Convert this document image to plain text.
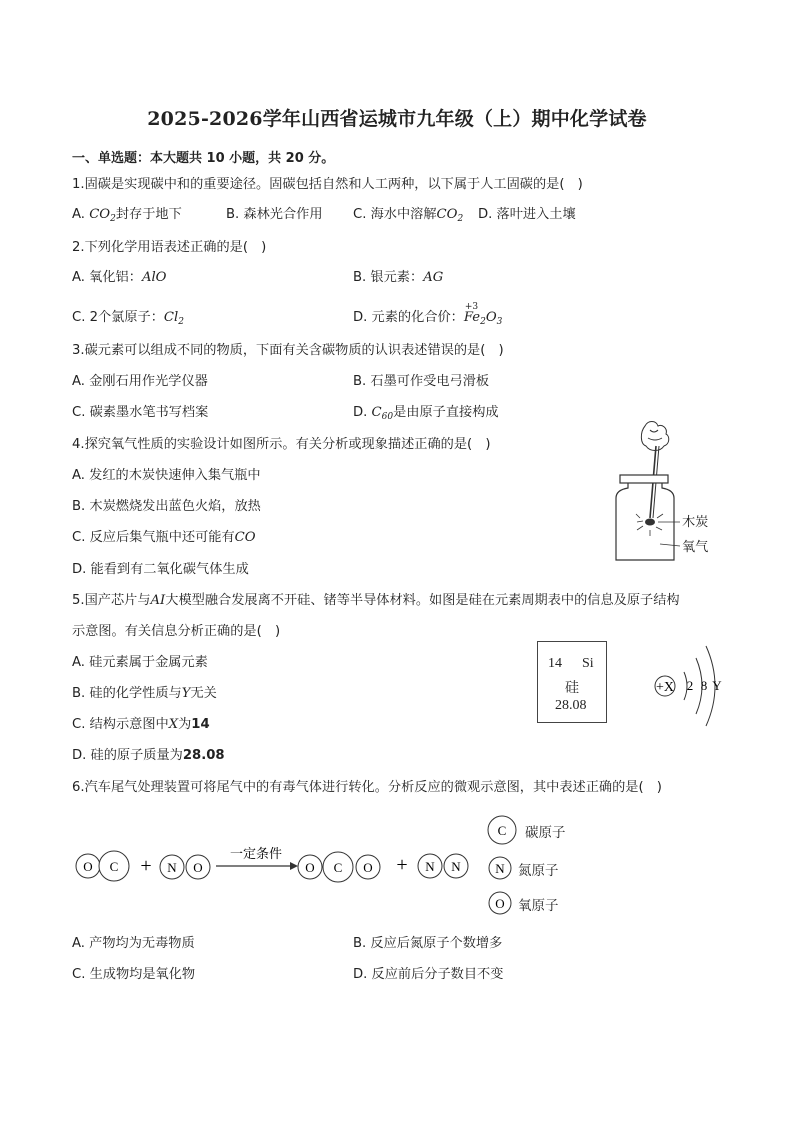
2025-2026学年山西省运城市九年级（上）期中化学试卷
一、单选题：本大题共 10 小题，共 20 分。
1.固碳是实现碳中和的重要途径。固碳包括自然和人工两种，以下属于人工固碳的是(　)
A. $CO_2$封存于地下	B. 森林光合作用 C. 海水中溶解$CO_2$ D. 落叶进入土壤
2.下列化学用语表述正确的是(　)
A. 氧化铝：AlO	B. 银元素：AG
C. 2个氯原子：$Cl_2$	D. 元素的化合价：
+3
$Fe_2O_3$
3.碳元素可以组成不同的物质，下面有关含碳物质的认识表述错误的是(　)
A. 金刚石用作光学仪器	B. 石墨可作受电弓滑板
C. 碳素墨水笔书写档案	D. $C_{60}$是由原子直接构成
4.探究氧气性质的实验设计如图所示。有关分析或现象描述正确的是(　)
A. 发红的木炭快速伸入集气瓶中
B. 木炭燃烧发出蓝色火焰，放热
C. 反应后集气瓶中还可能有CO
D. 能看到有二氧化碳气体生成
木炭
氧气
5.国产芯片与AI大模型融合发展离不开硅、锗等半导体材料。如图是硅在元素周期表中的信息及原子结构
示意图。有关信息分析正确的是(　)
A. 硅元素属于金属元素
B. 硅的化学性质与Y无关
C. 结构示意图中X为14
D. 硅的原子质量为28.08
14 Si
硅
28.08
+X 2 8 Y
6.汽车尾气处理装置可将尾气中的有毒气体进行转化。分析反应的微观示意图，其中表述正确的是(　)
O C + N O
一定条件
O C O + N N
C
N
O
碳原子
氮原子
氧原子
A. 产物均为无毒物质	B. 反应后氮原子个数增多
C. 生成物均是氧化物	D. 反应前后分子数目不变
